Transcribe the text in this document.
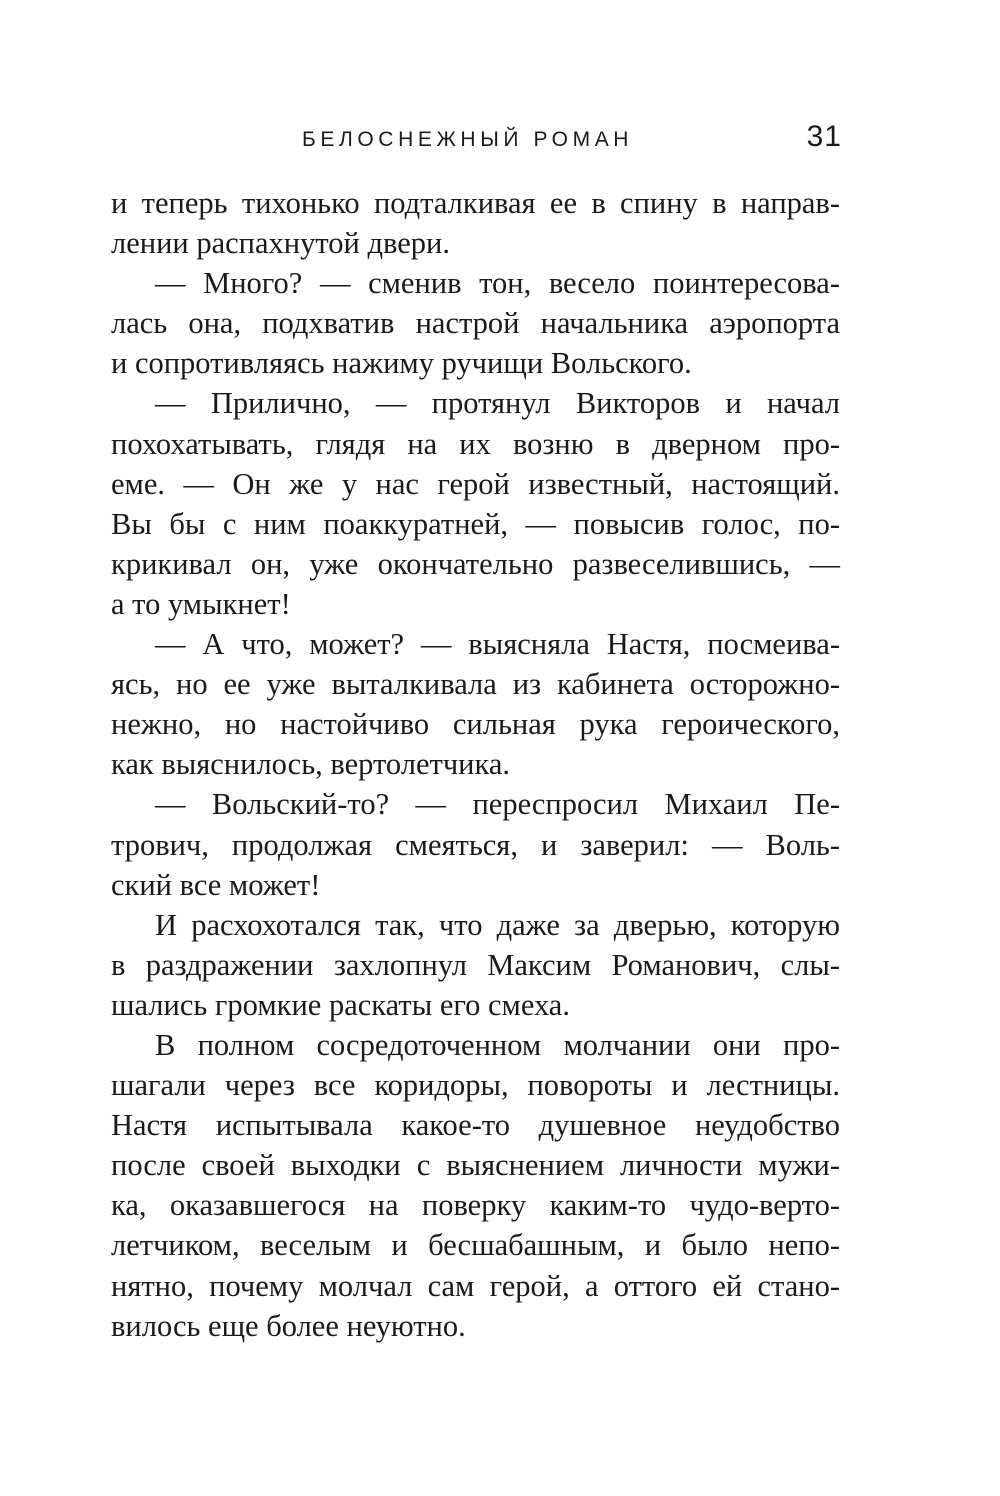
БЕЛОСНЕЖНЫЙ РОМАН	31
и теперь тихонько подталкивая ее в спину в направ-
лении распахнутой двери.
— Много? — сменив тон, весело поинтересова-
лась она, подхватив настрой начальника аэропорта
и сопротивляясь нажиму ручищи Вольского.
— Прилично, — протянул Викторов и начал
похохатывать, глядя на их возню в дверном про-
еме. — Он же у нас герой известный, настоящий.
Вы бы с ним поаккуратней, — повысив голос, по-
крикивал он, уже окончательно развеселившись, —
а то умыкнет!
— А что, может? — выясняла Настя, посмеива-
ясь, но ее уже выталкивала из кабинета осторожно-
нежно, но настойчиво сильная рука героического,
как выяснилось, вертолетчика.
— Вольский-то? — переспросил Михаил Пе-
трович, продолжая смеяться, и заверил: — Воль-
ский все может!
И расхохотался так, что даже за дверью, которую
в раздражении захлопнул Максим Романович, слы-
шались громкие раскаты его смеха.
В полном сосредоточенном молчании они про-
шагали через все коридоры, повороты и лестницы.
Настя испытывала какое-то душевное неудобство
после своей выходки с выяснением личности мужи-
ка, оказавшегося на поверку каким-то чудо-верто-
летчиком, веселым и бесшабашным, и было непо-
нятно, почему молчал сам герой, а оттого ей стано-
вилось еще более неуютно.
